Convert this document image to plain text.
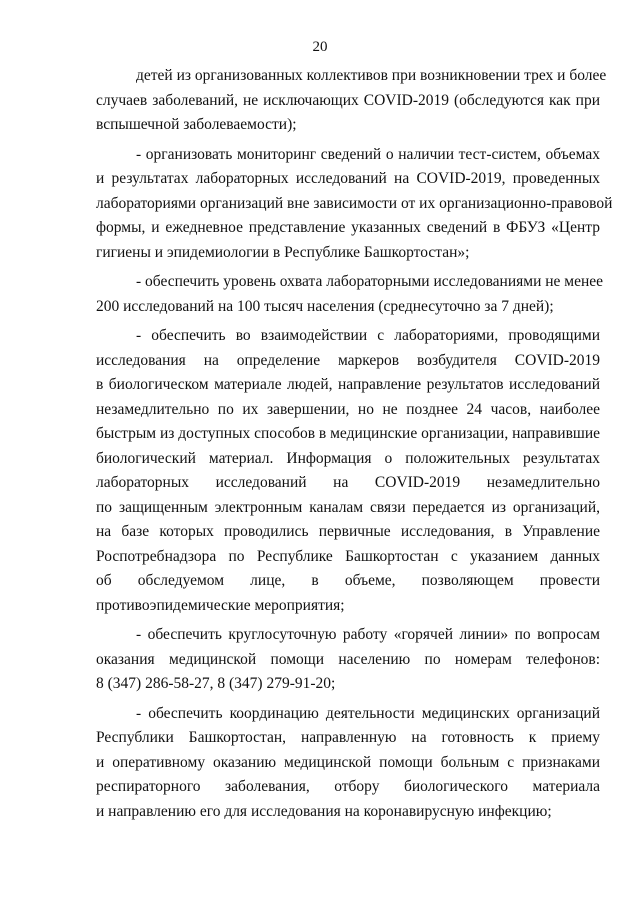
20
детей из организованных коллективов при возникновении трех и более
случаев заболеваний, не исключающих COVID-2019 (обследуются как при
вспышечной заболеваемости);
- организовать мониторинг сведений о наличии тест-систем, объемах
и результатах лабораторных исследований на COVID-2019, проведенных
лабораториями организаций вне зависимости от их организационно-правовой
формы, и ежедневное представление указанных сведений в ФБУЗ «Центр
гигиены и эпидемиологии в Республике Башкортостан»;
- обеспечить уровень охвата лабораторными исследованиями не менее
200 исследований на 100 тысяч населения (среднесуточно за 7 дней);
- обеспечить во взаимодействии с лабораториями, проводящими
исследования на определение маркеров возбудителя COVID-2019
в биологическом материале людей, направление результатов исследований
незамедлительно по их завершении, но не позднее 24 часов, наиболее
быстрым из доступных способов в медицинские организации, направившие
биологический материал. Информация о положительных результатах
лабораторных исследований на COVID-2019 незамедлительно
по защищенным электронным каналам связи передается из организаций,
на базе которых проводились первичные исследования, в Управление
Роспотребнадзора по Республике Башкортостан с указанием данных
об обследуемом лице, в объеме, позволяющем провести
противоэпидемические мероприятия;
- обеспечить круглосуточную работу «горячей линии» по вопросам
оказания медицинской помощи населению по номерам телефонов:
8 (347) 286-58-27, 8 (347) 279-91-20;
- обеспечить координацию деятельности медицинских организаций
Республики Башкортостан, направленную на готовность к приему
и оперативному оказанию медицинской помощи больным с признаками
респираторного заболевания, отбору биологического материала
и направлению его для исследования на коронавирусную инфекцию;
